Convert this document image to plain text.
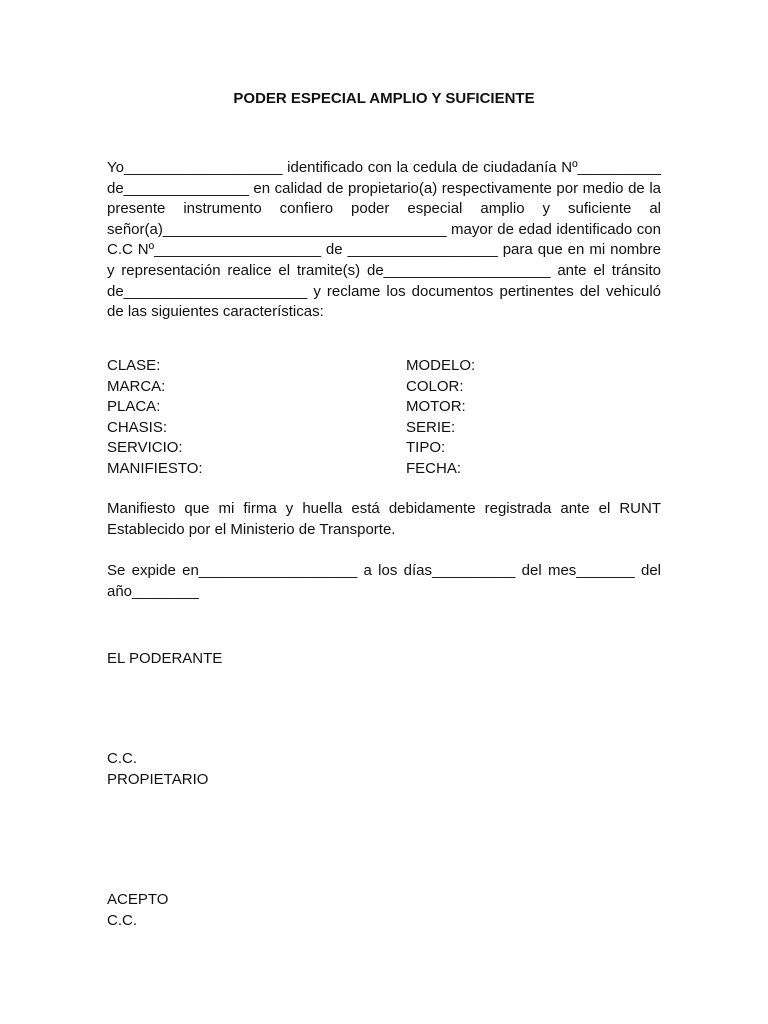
PODER ESPECIAL AMPLIO Y SUFICIENTE
Yo___________________ identificado con la cedula de ciudadanía Nº__________
de_______________ en calidad de propietario(a) respectivamente por medio de la
presente instrumento confiero poder especial amplio y suficiente al
señor(a)__________________________________ mayor de edad identificado con
C.C Nº____________________ de __________________ para que en mi nombre
y representación realice el tramite(s) de____________________ ante el tránsito
de______________________ y reclame los documentos pertinentes del vehiculó
de las siguientes características:
CLASE:	MODELO:
MARCA:	COLOR:
PLACA:	MOTOR:
CHASIS:	SERIE:
SERVICIO:	TIPO:
MANIFIESTO:	FECHA:
Manifiesto que mi firma y huella está debidamente registrada ante el RUNT
Establecido por el Ministerio de Transporte.
Se expide en___________________ a los días__________ del mes_______ del
año________
EL PODERANTE
C.C.
PROPIETARIO
ACEPTO
C.C.
